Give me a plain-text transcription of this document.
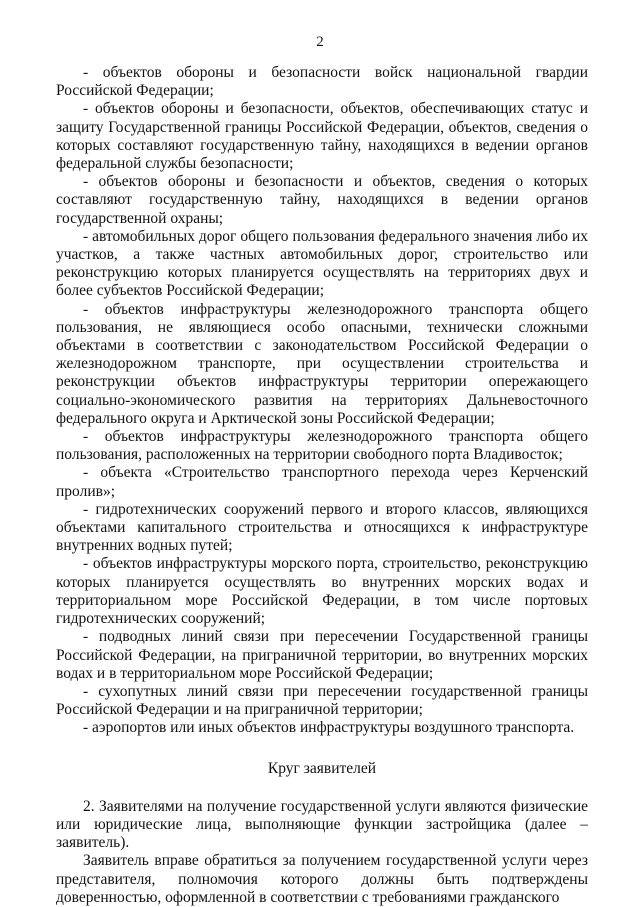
2

- объектов обороны и безопасности войск национальной гвардии Российской Федерации;

- объектов обороны и безопасности, объектов, обеспечивающих статус и защиту Государственной границы Российской Федерации, объектов, сведения о которых составляют государственную тайну, находящихся в ведении органов федеральной службы безопасности;

- объектов обороны и безопасности и объектов, сведения о которых составляют государственную тайну, находящихся в ведении органов государственной охраны;

- автомобильных дорог общего пользования федерального значения либо их участков, а также частных автомобильных дорог, строительство или реконструкцию которых планируется осуществлять на территориях двух и более субъектов Российской Федерации;

- объектов инфраструктуры железнодорожного транспорта общего пользования, не являющиеся особо опасными, технически сложными объектами в соответствии с законодательством Российской Федерации о железнодорожном транспорте, при осуществлении строительства и реконструкции объектов инфраструктуры территории опережающего социально-экономического развития на территориях Дальневосточного федерального округа и Арктической зоны Российской Федерации;

- объектов инфраструктуры железнодорожного транспорта общего пользования, расположенных на территории свободного порта Владивосток;

- объекта «Строительство транспортного перехода через Керченский пролив»;

- гидротехнических сооружений первого и второго классов, являющихся объектами капитального строительства и относящихся к инфраструктуре внутренних водных путей;

- объектов инфраструктуры морского порта, строительство, реконструкцию которых планируется осуществлять во внутренних морских водах и территориальном море Российской Федерации, в том числе портовых гидротехнических сооружений;

- подводных линий связи при пересечении Государственной границы Российской Федерации, на приграничной территории, во внутренних морских водах и в территориальном море Российской Федерации;

- сухопутных линий связи при пересечении государственной границы Российской Федерации и на приграничной территории;

- аэропортов или иных объектов инфраструктуры воздушного транспорта.

Круг заявителей

2. Заявителями на получение государственной услуги являются физические или юридические лица, выполняющие функции застройщика (далее – заявитель).

Заявитель вправе обратиться за получением государственной услуги через представителя, полномочия которого должны быть подтверждены доверенностью, оформленной в соответствии с требованиями гражданского
